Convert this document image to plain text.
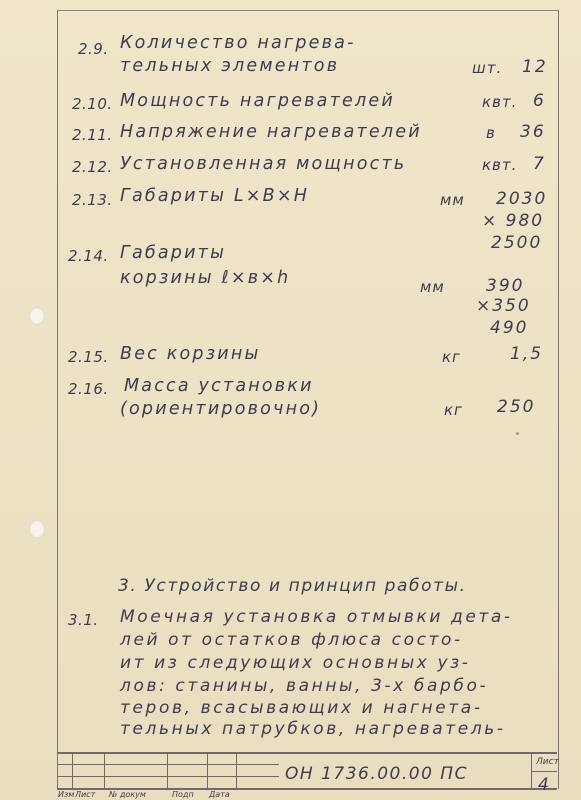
2.9. Количество нагрева-
тельных элементов	шт. 12
2.10. Мощность нагревателей	квт. 6
2.11. Напряжение нагревателей	в 36
2.12. Установленная мощность	квт. 7
2.13. Габариты L×B×H	мм 2030
× 980
2500
2.14. Габариты
корзины ℓ×в×h	мм 390
×350
490
2.15. Вес корзины	кг	1,5
2.16. Масса установки
(ориентировочно)	кг 250
3. Устройство и принцип работы.
3.1. Моечная установка отмывки дета-
лей от остатков флюса состо-
ит из следующих основных уз-
лов: станины, ванны, 3-х барбо-
теров, всасывающих и нагнета-
тельных патрубков, нагреватель-
Изм Лист № докум	Подп Дата
ОН 1736.00.00 ПС
Лист
4
